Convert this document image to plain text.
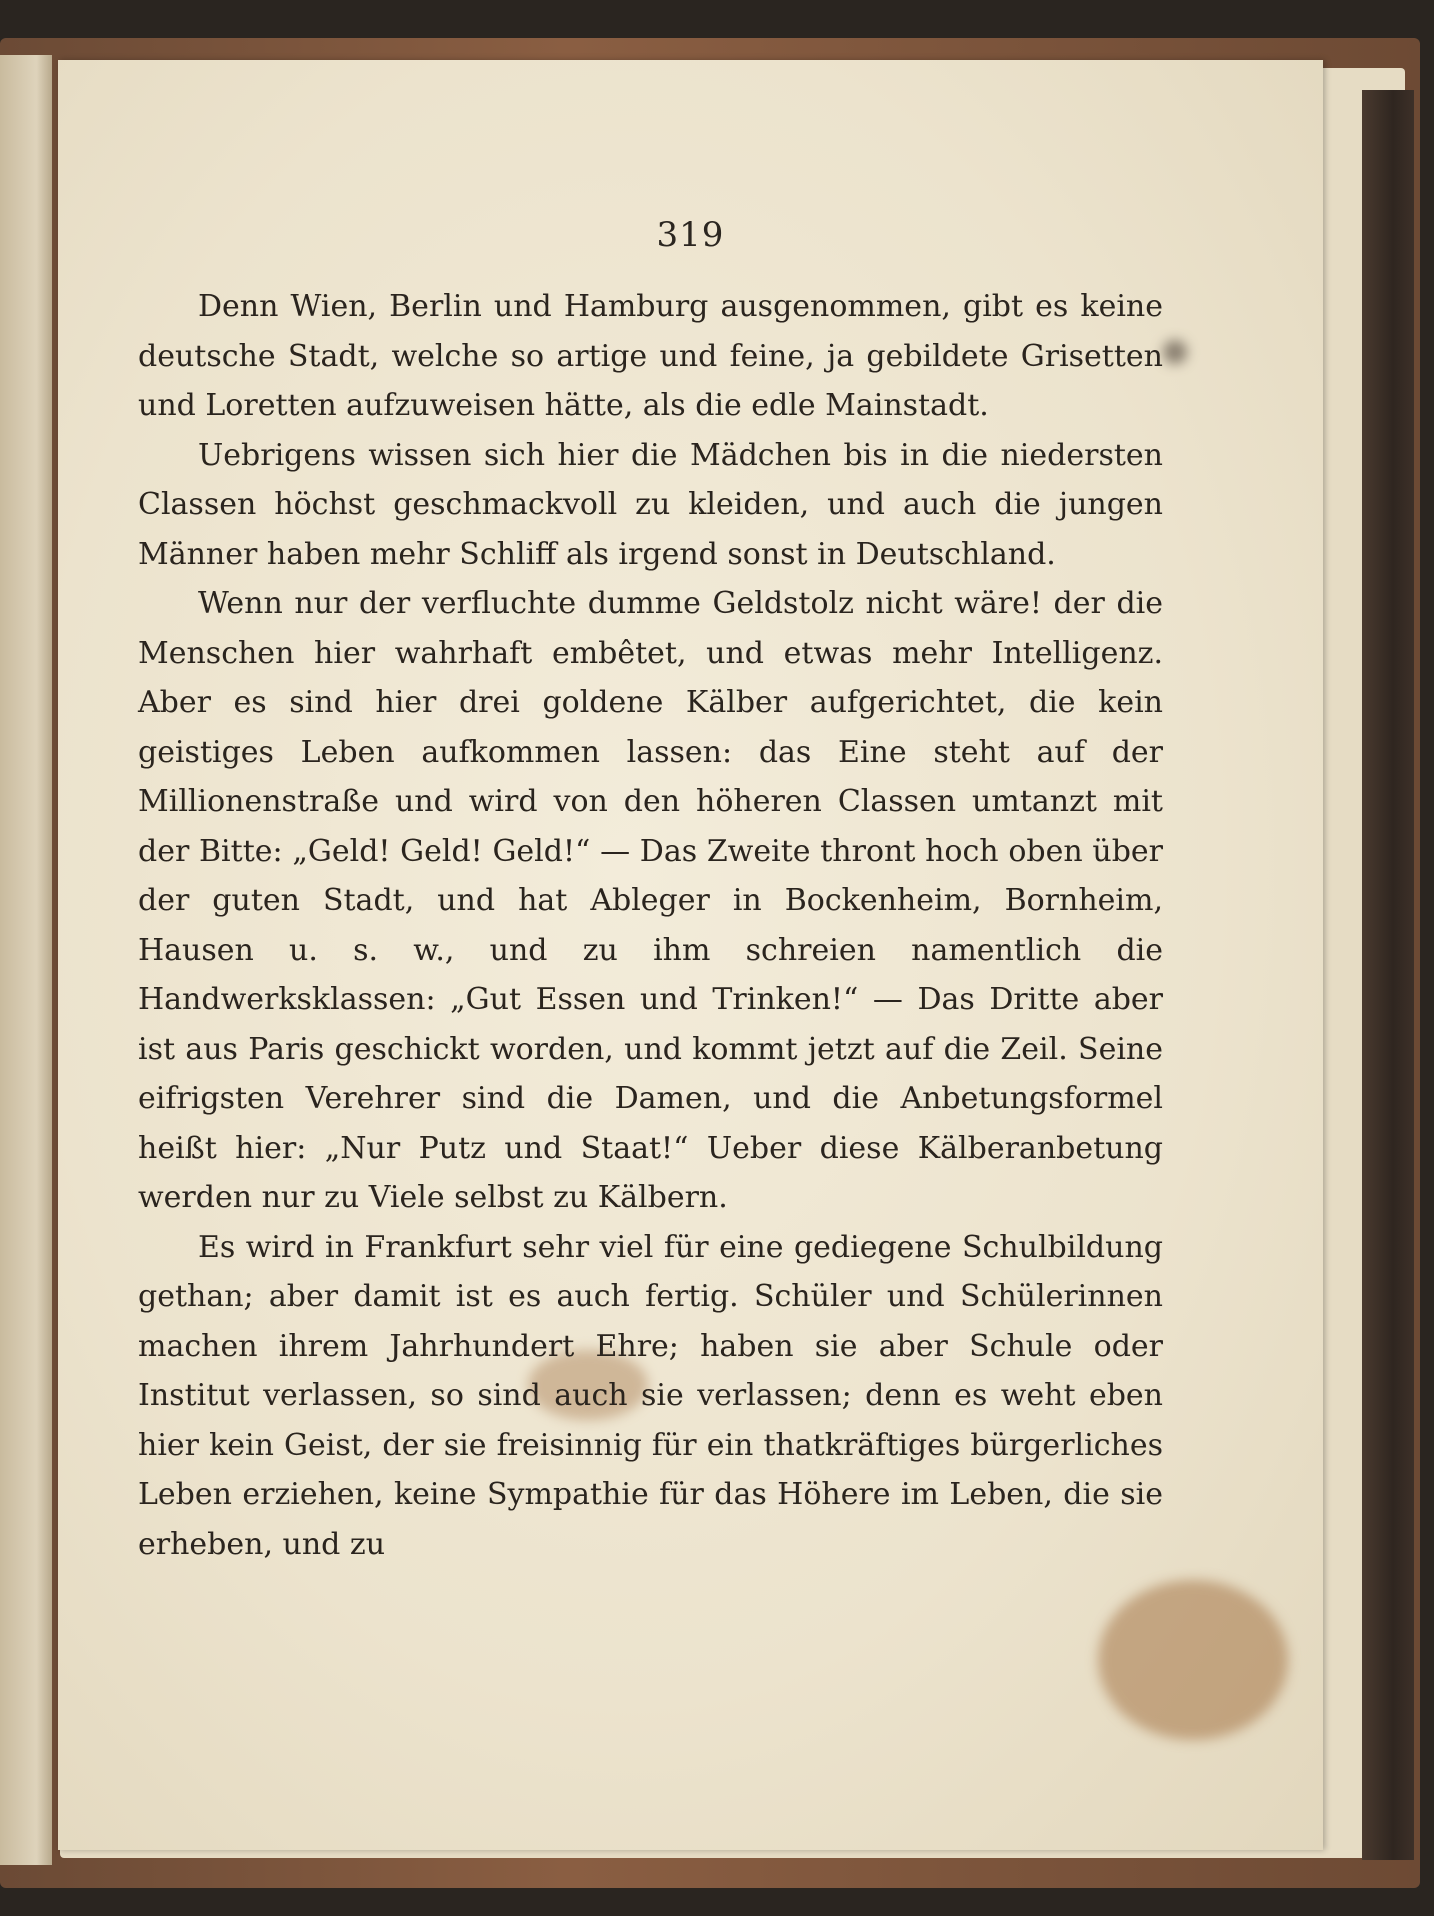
319

Denn Wien, Berlin und Hamburg ausgenommen, gibt es keine deutsche Stadt, welche so artige und feine, ja gebildete Grisetten und Loretten aufzuweisen hätte, als die edle Mainstadt.

Uebrigens wissen sich hier die Mädchen bis in die niedersten Classen höchst geschmackvoll zu kleiden, und auch die jungen Männer haben mehr Schliff als irgend sonst in Deutschland.

Wenn nur der verfluchte dumme Geldstolz nicht wäre! der die Menschen hier wahrhaft embêtet, und etwas mehr Intelligenz. Aber es sind hier drei goldene Kälber aufgerichtet, die kein geistiges Leben aufkommen lassen: das Eine steht auf der Millionenstraße und wird von den höheren Classen umtanzt mit der Bitte: „Geld! Geld! Geld!“ — Das Zweite thront hoch oben über der guten Stadt, und hat Ableger in Bockenheim, Bornheim, Hausen u. s. w., und zu ihm schreien namentlich die Handwerksklassen: „Gut Essen und Trinken!“ — Das Dritte aber ist aus Paris geschickt worden, und kommt jetzt auf die Zeil. Seine eifrigsten Verehrer sind die Damen, und die Anbetungsformel heißt hier: „Nur Putz und Staat!“ Ueber diese Kälberanbetung werden nur zu Viele selbst zu Kälbern.

Es wird in Frankfurt sehr viel für eine gediegene Schulbildung gethan; aber damit ist es auch fertig. Schüler und Schülerinnen machen ihrem Jahrhundert Ehre; haben sie aber Schule oder Institut verlassen, so sind auch sie verlassen; denn es weht eben hier kein Geist, der sie freisinnig für ein thatkräftiges bürgerliches Leben erziehen, keine Sympathie für das Höhere im Leben, die sie erheben, und zu
